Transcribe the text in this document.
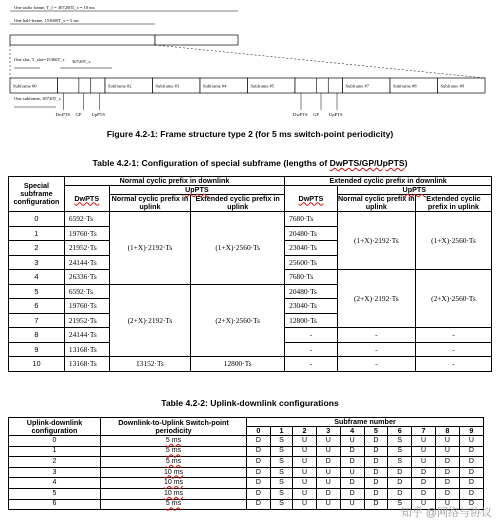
One radio frame, T_f = 307200T_s = 10 ms
One half-frame, 153600T_s = 5 ms
One slot, T_slot=15360T_s 30720T_s
Subframe #0	Subframe #2	Subframe #3	Subframe #4	Subframe #5	Subframe #7	Subframe #8	Subframe #9
One subframe, 30720T_s
DwPTS GP UpPTS	DwPTS GP UpPTS
Figure 4.2-1: Frame structure type 2 (for 5 ms switch-point periodicity)
Table 4.2-1: Configuration of special subframe (lengths of DwPTS/GP/UpPTS)
Special subframe configuration	Normal cyclic prefix in downlink			Extended cyclic prefix in downlink		
	DwPTS	UpPTS		DwPTS	UpPTS	
		Normal cyclic prefix in uplink	Extended cyclic prefix in uplink		Normal cyclic prefix in uplink	Extended cyclic prefix in uplink
0	6592·Ts	(1+X)·2192·Ts	(1+X)·2560·Ts	7680·Ts	(1+X)·2192·Ts	(1+X)·2560·Ts
1	19760·Ts			20480·Ts		
2	21952·Ts			23040·Ts		
3	24144·Ts			25600·Ts		
4	26336·Ts			7680·Ts	(2+X)·2192·Ts	(2+X)·2560·Ts
5	6592·Ts	(2+X)·2192·Ts	(2+X)·2560·Ts	20480·Ts		
6	19760·Ts			23040·Ts		
7	21952·Ts			12800·Ts		
8	24144·Ts			-	-	-
9	13168·Ts			-	-	-
10	13168·Ts	13152·Ts	12800·Ts	-	-	-
Table 4.2-2: Uplink-downlink configurations
Uplink-downlink configuration	Downlink-to-Uplink Switch-point periodicity	Subframe number									
		0	1	2	3	4	5	6	7	8	9
0	5 ms	D	S	U	U	U	D	S	U	U	U
1	5 ms	D	S	U	U	D	D	S	U	U	D
2	5 ms	D	S	U	D	D	D	S	U	D	D
3	10 ms	D	S	U	U	U	D	D	D	D	D
4	10 ms	D	S	U	U	D	D	D	D	D	D
5	10 ms	D	S	U	D	D	D	D	D	D	D
6	5 ms	D	S	U	U	U	D	S	U	U	D
知乎 @网络与协议
